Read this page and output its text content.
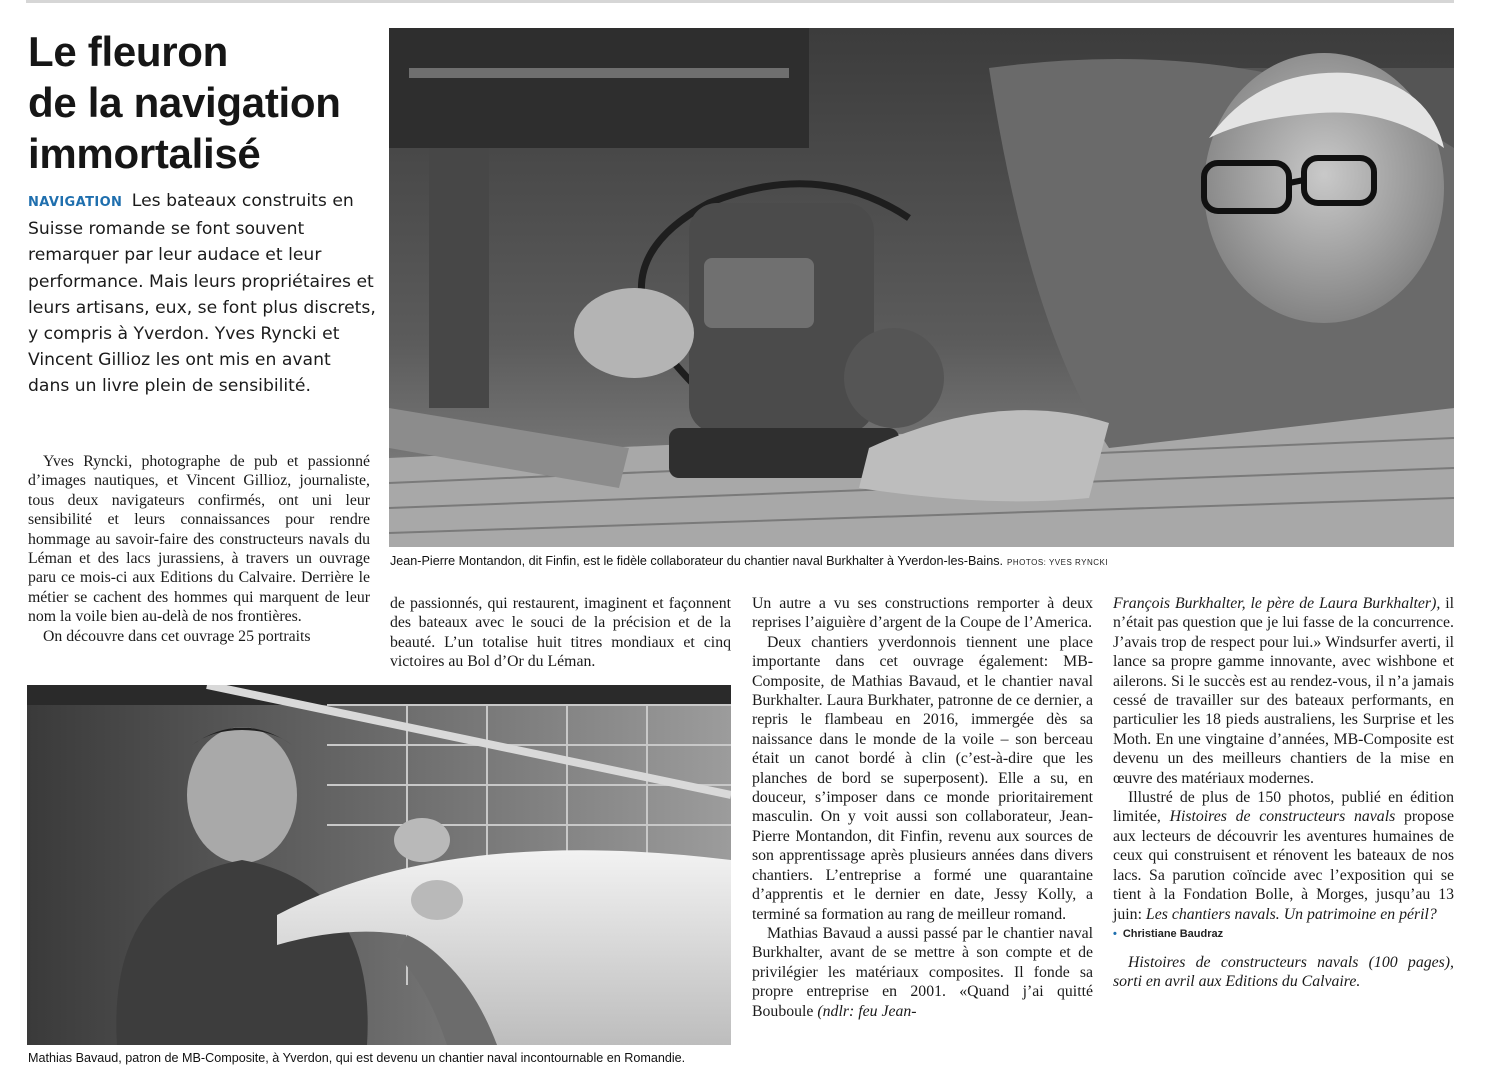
Le fleuron
de la navigation
immortalisé

NAVIGATION Les bateaux construits en Suisse romande se font souvent remarquer par leur audace et leur performance. Mais leurs propriétaires et leurs artisans, eux, se font plus discrets, y compris à Yverdon. Yves Ryncki et Vincent Gillioz les ont mis en avant dans un livre plein de sensibilité.

Jean-Pierre Montandon, dit Finfin, est le fidèle collaborateur du chantier naval Burkhalter à Yverdon-les-Bains. PHOTOS: YVES RYNCKI

Yves Ryncki, photographe de pub et passionné d’images nautiques, et Vincent Gillioz, journaliste, tous deux navigateurs confirmés, ont uni leur sensibilité et leurs connaissances pour rendre hommage au savoir-faire des constructeurs navals du Léman et des lacs jurassiens, à travers un ouvrage paru ce mois-ci aux Editions du Calvaire. Derrière le métier se cachent des hommes qui marquent de leur nom la voile bien au-delà de nos frontières.

On découvre dans cet ouvrage 25 portraits

de passionnés, qui restaurent, imaginent et façonnent des bateaux avec le souci de la précision et de la beauté. L’un totalise huit titres mondiaux et cinq victoires au Bol d’Or du Léman.

Un autre a vu ses constructions remporter à deux reprises l’aiguière d’argent de la Coupe de l’America.

Deux chantiers yverdonnois tiennent une place importante dans cet ouvrage également: MB-Composite, de Mathias Bavaud, et le chantier naval Burkhalter. Laura Burkhater, patronne de ce dernier, a repris le flambeau en 2016, immergée dès sa naissance dans le monde de la voile – son berceau était un canot bordé à clin (c’est-à-dire que les planches de bord se superposent). Elle a su, en douceur, s’imposer dans ce monde prioritairement masculin. On y voit aussi son collaborateur, Jean-Pierre Montandon, dit Finfin, revenu aux sources de son apprentissage après plusieurs années dans divers chantiers. L’entreprise a formé une quarantaine d’apprentis et le dernier en date, Jessy Kolly, a terminé sa formation au rang de meilleur romand.

Mathias Bavaud a aussi passé par le chantier naval Burkhalter, avant de se mettre à son compte et de privilégier les matériaux composites. Il fonde sa propre entreprise en 2001. «Quand j’ai quitté Bouboule (ndlr: feu Jean-

François Burkhalter, le père de Laura Burkhalter), il n’était pas question que je lui fasse de la concurrence. J’avais trop de respect pour lui.» Windsurfer averti, il lance sa propre gamme innovante, avec wishbone et ailerons. Si le succès est au rendez-vous, il n’a jamais cessé de travailler sur des bateaux performants, en particulier les 18 pieds australiens, les Surprise et les Moth. En une vingtaine d’années, MB-Composite est devenu un des meilleurs chantiers de la mise en œuvre des matériaux modernes.

Illustré de plus de 150 photos, publié en édition limitée, Histoires de constructeurs navals propose aux lecteurs de découvrir les aventures humaines de ceux qui construisent et rénovent les bateaux de nos lacs. Sa parution coïncide avec l’exposition qui se tient à la Fondation Bolle, à Morges, jusqu’au 13 juin: Les chantiers navals. Un patrimoine en péril?

• Christiane Baudraz

Histoires de constructeurs navals (100 pages), sorti en avril aux Editions du Calvaire.

Mathias Bavaud, patron de MB-Composite, à Yverdon, qui est devenu un chantier naval incontournable en Romandie.
